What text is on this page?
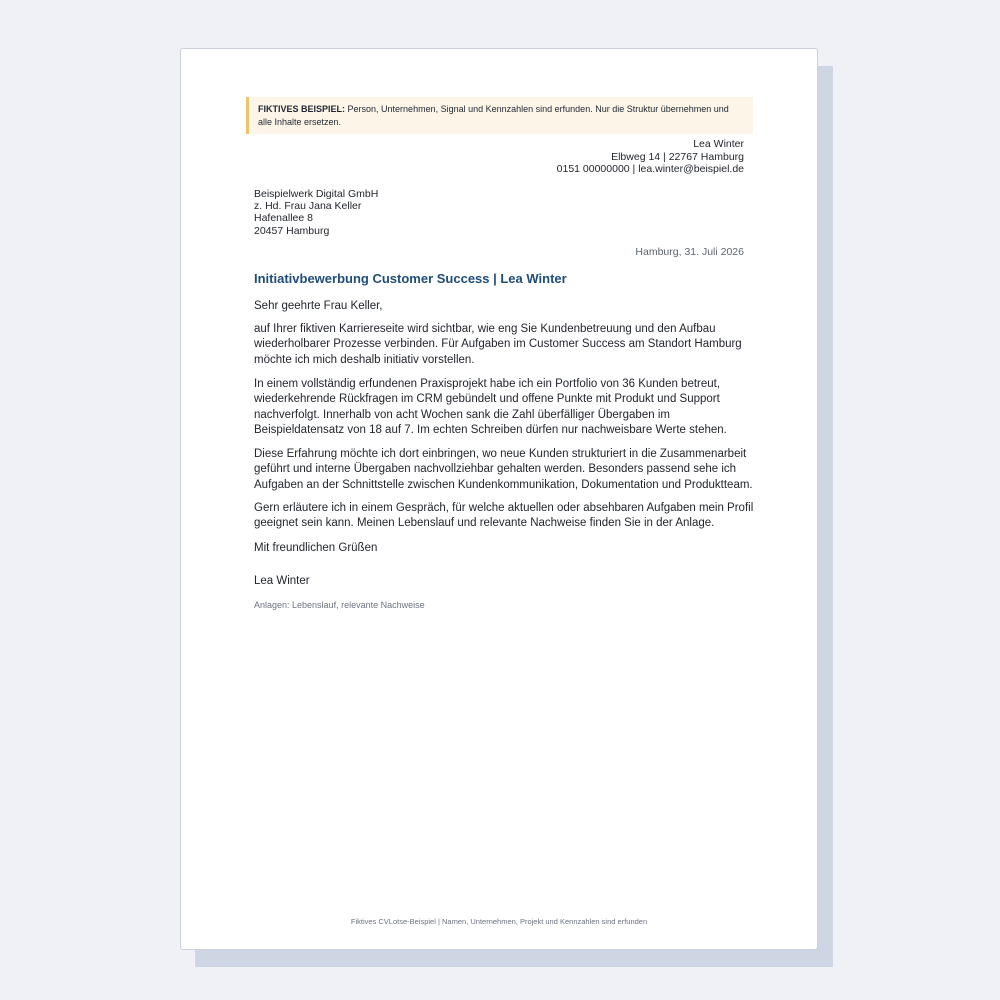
FIKTIVES BEISPIEL: Person, Unternehmen, Signal und Kennzahlen sind erfunden. Nur die Struktur übernehmen und alle Inhalte ersetzen.
Lea Winter
Elbweg 14 | 22767 Hamburg
0151 00000000 | lea.winter@beispiel.de
Beispielwerk Digital GmbH
z. Hd. Frau Jana Keller
Hafenallee 8
20457 Hamburg
Hamburg, 31. Juli 2026
Initiativbewerbung Customer Success | Lea Winter
Sehr geehrte Frau Keller,
auf Ihrer fiktiven Karriereseite wird sichtbar, wie eng Sie Kundenbetreuung und den Aufbau wiederholbarer Prozesse verbinden. Für Aufgaben im Customer Success am Standort Hamburg möchte ich mich deshalb initiativ vorstellen.
In einem vollständig erfundenen Praxisprojekt habe ich ein Portfolio von 36 Kunden betreut, wiederkehrende Rückfragen im CRM gebündelt und offene Punkte mit Produkt und Support nachverfolgt. Innerhalb von acht Wochen sank die Zahl überfälliger Übergaben im Beispieldatensatz von 18 auf 7. Im echten Schreiben dürfen nur nachweisbare Werte stehen.
Diese Erfahrung möchte ich dort einbringen, wo neue Kunden strukturiert in die Zusammenarbeit geführt und interne Übergaben nachvollziehbar gehalten werden. Besonders passend sehe ich Aufgaben an der Schnittstelle zwischen Kundenkommunikation, Dokumentation und Produktteam.
Gern erläutere ich in einem Gespräch, für welche aktuellen oder absehbaren Aufgaben mein Profil geeignet sein kann. Meinen Lebenslauf und relevante Nachweise finden Sie in der Anlage.
Mit freundlichen Grüßen
Lea Winter
Anlagen: Lebenslauf, relevante Nachweise
Fiktives CVLotse-Beispiel | Namen, Unternehmen, Projekt und Kennzahlen sind erfunden
